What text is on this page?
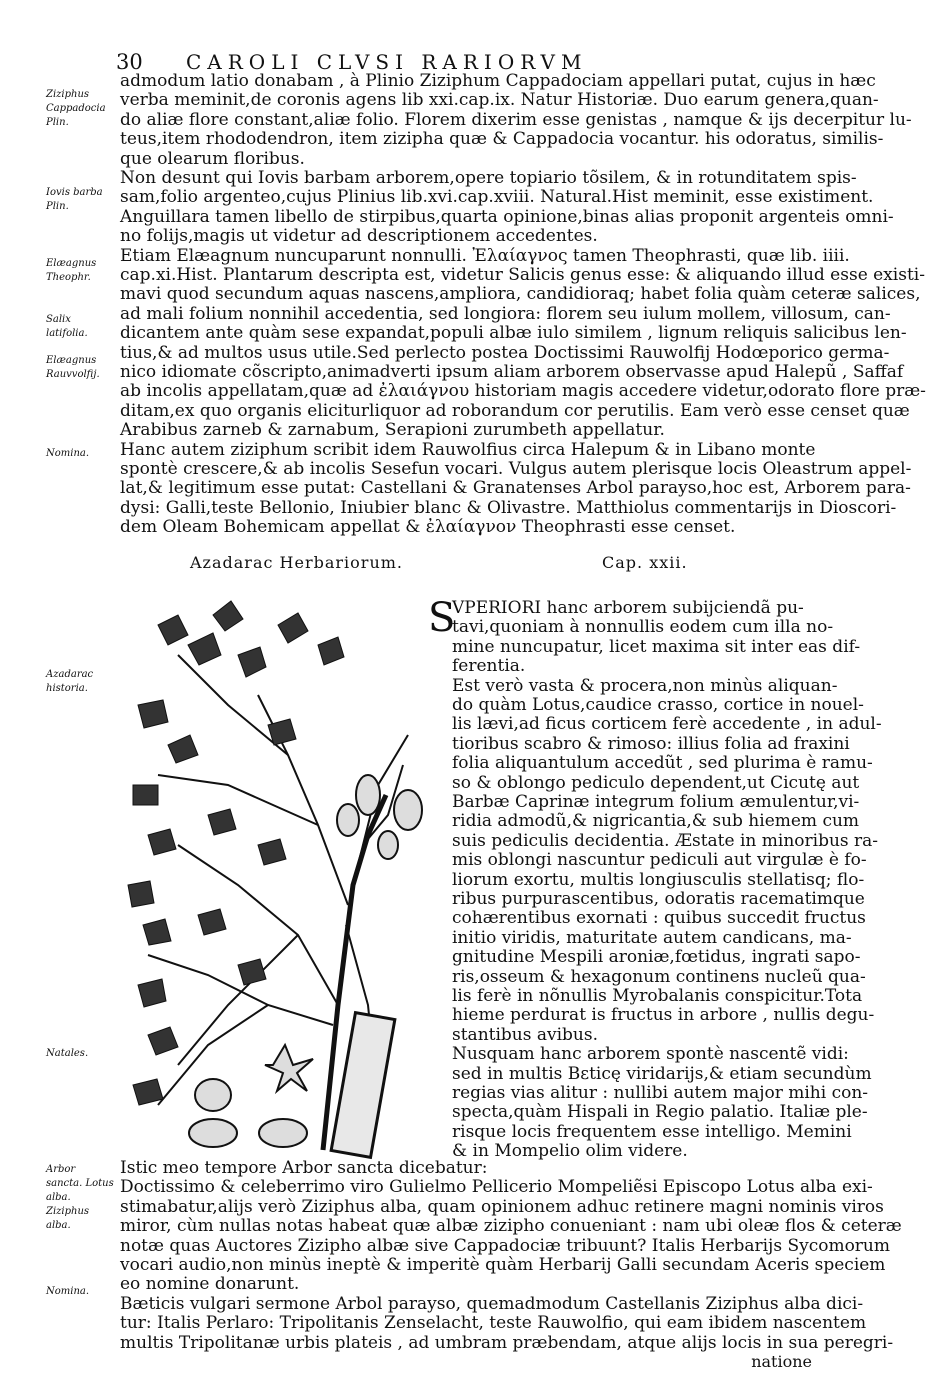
30 CAROLI CLVSI RARIORVM
Ziziphus Cappadocia Plin.
Iovis barba Plin.
Elæagnus Theophr.
Salix latifolia.
Elæagnus Rauvvolfij.
Nomina.
Azadarac historia.
Natales.
Arbor sancta. Lotus alba. Ziziphus alba.
Nomina.
admodum latio donabam , à Plinio Ziziphum Cappadociam appellari putat, cujus in hæc
verba meminit,de coronis agens lib xxi.cap.ix. Natur Historiæ. Duo earum genera,quan-
do aliæ flore constant,aliæ folio. Florem dixerim esse genistas , namque & ijs decerpitur lu-
teus,item rhododendron, item zizipha quæ & Cappadocia vocantur. his odoratus, similis-
que olearum floribus.
Non desunt qui Iovis barbam arborem,opere topiario tõsilem, & in rotunditatem spis-
sam,folio argenteo,cujus Plinius lib.xvi.cap.xviii. Natural.Hist meminit, esse existiment.
Anguillara tamen libello de stirpibus,quarta opinione,binas alias proponit argenteis omni-
no folijs,magis ut videtur ad descriptionem accedentes.
Etiam Elæagnum nuncuparunt nonnulli. Ἐλαίαγνος tamen Theophrasti, quæ lib. iiii.
cap.xi.Hist. Plantarum descripta est, videtur Salicis genus esse: & aliquando illud esse existi-
mavi quod secundum aquas nascens,ampliora, candidioraq; habet folia quàm ceteræ salices,
ad mali folium nonnihil accedentia, sed longiora: florem seu iulum mollem, villosum, can-
dicantem ante quàm sese expandat,populi albæ iulo similem , lignum reliquis salicibus len-
tius,& ad multos usus utile.Sed perlecto postea Doctissimi Rauwolfij Hodœporico germa-
nico idiomate cõscripto,animadverti ipsum aliam arborem observasse apud Halepũ , Saffaf
ab incolis appellatam,quæ ad ἐλαιάγνου historiam magis accedere videtur,odorato flore præ-
ditam,ex quo organis eliciturliquor ad roborandum cor perutilis. Eam verò esse censet quæ
Arabibus zarneb & zarnabum, Serapioni zurumbeth appellatur.
Hanc autem ziziphum scribit idem Rauwolfius circa Halepum & in Libano monte
spontè crescere,& ab incolis Sesefun vocari. Vulgus autem plerisque locis Oleastrum appel-
lat,& legitimum esse putat: Castellani & Granatenses Arbol parayso,hoc est, Arborem para-
dysi: Galli,teste Bellonio, Iniubier blanc & Olivastre. Matthiolus commentarijs in Dioscori-
dem Oleam Bohemicam appellat & ἐλαίαγνον Theophrasti esse censet.
Azadarac Herbariorum.	Cap. xxii.
S
VPERIORI hanc arborem subijciendã pu-
tavi,quoniam à nonnullis eodem cum illa no-
mine nuncupatur, licet maxima sit inter eas dif-
ferentia.
Est verò vasta & procera,non minùs aliquan-
do quàm Lotus,caudice crasso, cortice in nouel-
lis lævi,ad ficus corticem ferè accedente , in adul-
tioribus scabro & rimoso: illius folia ad fraxini
folia aliquantulum accedũt , sed plurima è ramu-
so & oblongo pediculo dependent,ut Cicutę aut
Barbæ Caprinæ integrum folium æmulentur,vi-
ridia admodũ,& nigricantia,& sub hiemem cum
suis pediculis decidentia. Æstate in minoribus ra-
mis oblongi nascuntur pediculi aut virgulæ è fo-
liorum exortu, multis longiusculis stellatisq; flo-
ribus purpurascentibus, odoratis racematimque
cohærentibus exornati : quibus succedit fructus
initio viridis, maturitate autem candicans, ma-
gnitudine Mespili aroniæ,fœtidus, ingrati sapo-
ris,osseum & hexagonum continens nucleũ qua-
lis ferè in nõnullis Myrobalanis conspicitur.Tota
hieme perdurat is fructus in arbore , nullis degu-
stantibus avibus.
Nusquam hanc arborem spontè nascentẽ vidi:
sed in multis Bεticę viridarijs,& etiam secundùm
regias vias alitur : nullibi autem major mihi con-
specta,quàm Hispali in Regio palatio. Italiæ ple-
risque locis frequentem esse intelligo. Memini
& in Mompelio olim videre.
Istic meo tempore Arbor sancta dicebatur:
Doctissimo & celeberrimo viro Gulielmo Pellicerio Mompeliẽsi Episcopo Lotus alba exi-
stimabatur,alijs verò Ziziphus alba, quam opinionem adhuc retinere magni nominis viros
miror, cùm nullas notas habeat quæ albæ zizipho conueniant : nam ubi oleæ flos & ceteræ
notæ quas Auctores Zizipho albæ sive Cappadociæ tribuunt? Italis Herbarijs Sycomorum
vocari audio,non minùs ineptè & imperitè quàm Herbarij Galli secundam Aceris speciem
eo nomine donarunt.
Bæticis vulgari sermone Arbol parayso, quemadmodum Castellanis Ziziphus alba dici-
tur: Italis Perlaro: Tripolitanis Zenselacht, teste Rauwolfio, qui eam ibidem nascentem
multis Tripolitanæ urbis plateis , ad umbram præbendam, atque alijs locis in sua peregri-
natione
